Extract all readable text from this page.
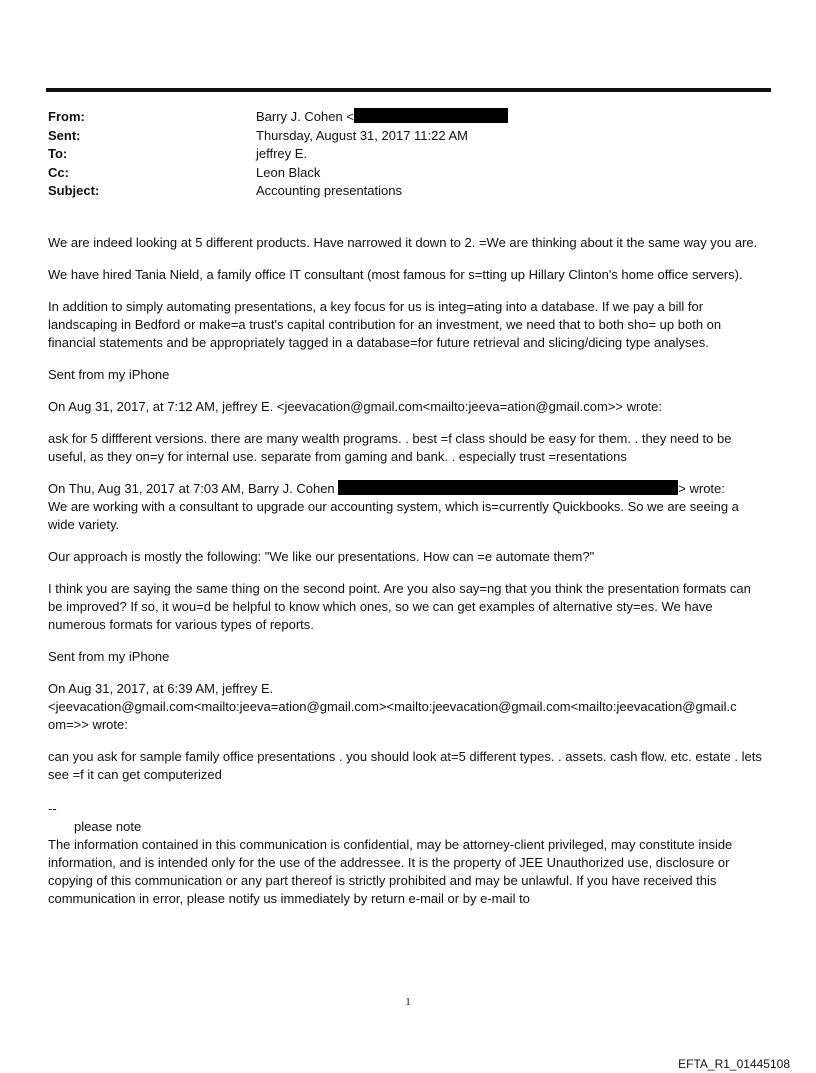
From:	Barry J. Cohen <
Sent:	Thursday, August 31, 2017 11:22 AM
To:	jeffrey E.
Cc:	Leon Black
Subject:	Accounting presentations

We are indeed looking at 5 different products. Have narrowed it down to 2. =We are thinking about it the same way you are.

We have hired Tania Nield, a family office IT consultant (most famous for s=tting up Hillary Clinton's home office servers).

In addition to simply automating presentations, a key focus for us is integ=ating into a database. If we pay a bill for landscaping in Bedford or make=a trust's capital contribution for an investment, we need that to both sho= up both on financial statements and be appropriately tagged in a database=for future retrieval and slicing/dicing type analyses.

Sent from my iPhone

On Aug 31, 2017, at 7:12 AM, jeffrey E. <jeevacation@gmail.com<mailto:jeeva=ation@gmail.com>> wrote:

ask for 5 diffferent versions. there are many wealth programs. . best =f class should be easy for them. . they need to be useful, as they on=y for internal use. separate from gaming and bank. . especially trust =resentations

On Thu, Aug 31, 2017 at 7:03 AM, Barry J. Cohen	> wrote:

We are working with a consultant to upgrade our accounting system, which is=currently Quickbooks. So we are seeing a wide variety.

Our approach is mostly the following: "We like our presentations. How can =e automate them?"

I think you are saying the same thing on the second point. Are you also say=ng that you think the presentation formats can be improved? If so, it wou=d be helpful to know which ones, so we can get examples of alternative sty=es. We have numerous formats for various types of reports.

Sent from my iPhone

On Aug 31, 2017, at 6:39 AM, jeffrey E.

<jeevacation@gmail.com<mailto:jeeva=ation@gmail.com><mailto:jeevacation@gmail.com<mailto:jeevacation@gmail.c

om=>> wrote:

can you ask for sample family office presentations . you should look at=5 different types. . assets. cash flow. etc. estate . lets see =f it can get computerized

--

please note

The information contained in this communication is confidential, may be attorney-client privileged, may constitute inside information, and is intended only for the use of the addressee. It is the property of JEE Unauthorized use, disclosure or copying of this communication or any part thereof is strictly prohibited and may be unlawful. If you have received this communication in error, please notify us immediately by return e-mail or by e-mail to

1
EFTA_R1_01445108
